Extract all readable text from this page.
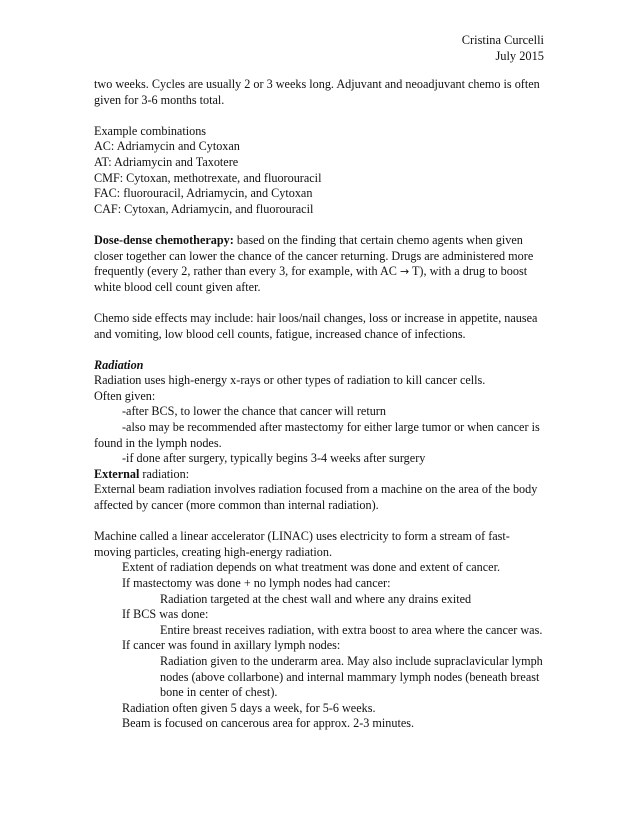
Cristina Curcelli
July 2015

two weeks. Cycles are usually 2 or 3 weeks long. Adjuvant and neoadjuvant chemo is often given for 3-6 months total.

Example combinations

AC: Adriamycin and Cytoxan

AT: Adriamycin and Taxotere

CMF: Cytoxan, methotrexate, and fluorouracil

FAC: fluorouracil, Adriamycin, and Cytoxan

CAF: Cytoxan, Adriamycin, and fluorouracil

Dose-dense chemotherapy: based on the finding that certain chemo agents when given closer together can lower the chance of the cancer returning. Drugs are administered more frequently (every 2, rather than every 3, for example, with AC → T), with a drug to boost white blood cell count given after.

Chemo side effects may include: hair loos/nail changes, loss or increase in appetite, nausea and vomiting, low blood cell counts, fatigue, increased chance of infections.

Radiation

Radiation uses high-energy x-rays or other types of radiation to kill cancer cells.

Often given:

-after BCS, to lower the chance that cancer will return

-also may be recommended after mastectomy for either large tumor or when cancer is found in the lymph nodes.

-if done after surgery, typically begins 3-4 weeks after surgery

External radiation:

External beam radiation involves radiation focused from a machine on the area of the body affected by cancer (more common than internal radiation).

Machine called a linear accelerator (LINAC) uses electricity to form a stream of fast-moving particles, creating high-energy radiation.

Extent of radiation depends on what treatment was done and extent of cancer.

If mastectomy was done + no lymph nodes had cancer:

Radiation targeted at the chest wall and where any drains exited

If BCS was done:

Entire breast receives radiation, with extra boost to area where the cancer was.

If cancer was found in axillary lymph nodes:

Radiation given to the underarm area. May also include supraclavicular lymph nodes (above collarbone) and internal mammary lymph nodes (beneath breast bone in center of chest).

Radiation often given 5 days a week, for 5-6 weeks.

Beam is focused on cancerous area for approx. 2-3 minutes.
